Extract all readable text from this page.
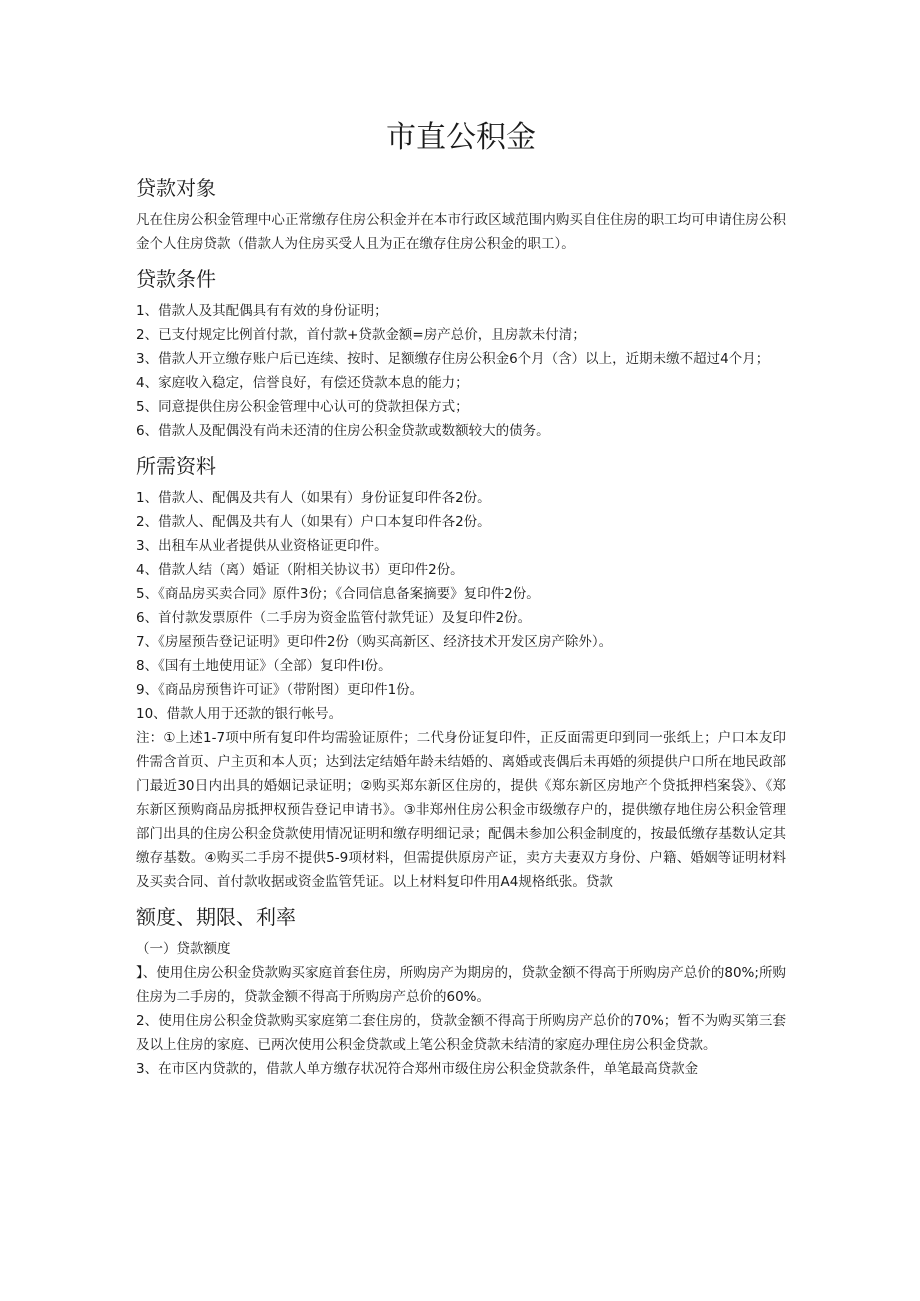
市直公积金
贷款对象

凡在住房公积金管理中心正常缴存住房公积金并在本市行政区域范围内购买自住住房的职工均可申请住房公积金个人住房贷款（借款人为住房买受人且为正在缴存住房公积金的职工）。

贷款条件

1、借款人及其配偶具有有效的身份证明；

2、已支付规定比例首付款，首付款+贷款金额=房产总价，且房款未付清；

3、借款人开立缴存账户后已连续、按时、足额缴存住房公积金6个月（含）以上，近期未缴不超过4个月；

4、家庭收入稳定，信誉良好，有偿还贷款本息的能力；

5、同意提供住房公积金管理中心认可的贷款担保方式；

6、借款人及配偶没有尚未还清的住房公积金贷款或数额较大的债务。

所需资料

1、借款人、配偶及共有人（如果有）身份证复印件各2份。

2、借款人、配偶及共有人（如果有）户口本复印件各2份。

3、出租车从业者提供从业资格证更印件。

4、借款人结（离）婚证（附相关协议书）更印件2份。

5、《商品房买卖合同》原件3份；《合同信息备案摘要》复印件2份。

6、首付款发票原件（二手房为资金监管付款凭证）及复印件2份。

7、《房屋预告登记证明》更印件2份（购买高新区、经济技术开发区房产除外）。

8、《国有土地使用证》（全部）复印件I份。

9、《商品房预售许可证》（带附图）更印件1份。

10、借款人用于还款的银行帐号。

注：①上述1-7项中所有复印件均需验证原件；二代身份证复印件，正反面需更印到同一张纸上；户口本友印件需含首页、户主页和本人页；达到法定结婚年龄未结婚的、离婚或丧偶后未再婚的须提供户口所在地民政部门最近30日内出具的婚姻记录证明；②购买郑东新区住房的，提供《郑东新区房地产个贷抵押档案袋》、《郑东新区预购商品房抵押权预告登记申请书》。③非郑州住房公积金市级缴存户的，提供缴存地住房公积金管理部门出具的住房公积金贷款使用情况证明和缴存明细记录；配偶未参加公积金制度的，按最低缴存基数认定其缴存基数。④购买二手房不提供5-9项材料，但需提供原房产证，卖方夫妻双方身份、户籍、婚姻等证明材料及买卖合同、首付款收据或资金监管凭证。以上材料复印件用A4规格纸张。贷款

额度、期限、利率

（一）贷款额度

】、使用住房公积金贷款购买家庭首套住房，所购房产为期房的，贷款金额不得高于所购房产总价的80%;所购住房为二手房的，贷款金额不得高于所购房产总价的60%。

2、使用住房公积金贷款购买家庭第二套住房的，贷款金额不得高于所购房产总价的70%；暂不为购买第三套及以上住房的家庭、已两次使用公积金贷款或上笔公积金贷款未结清的家庭办理住房公积金贷款。

3、在市区内贷款的，借款人单方缴存状况符合郑州市级住房公积金贷款条件，单笔最高贷款金
